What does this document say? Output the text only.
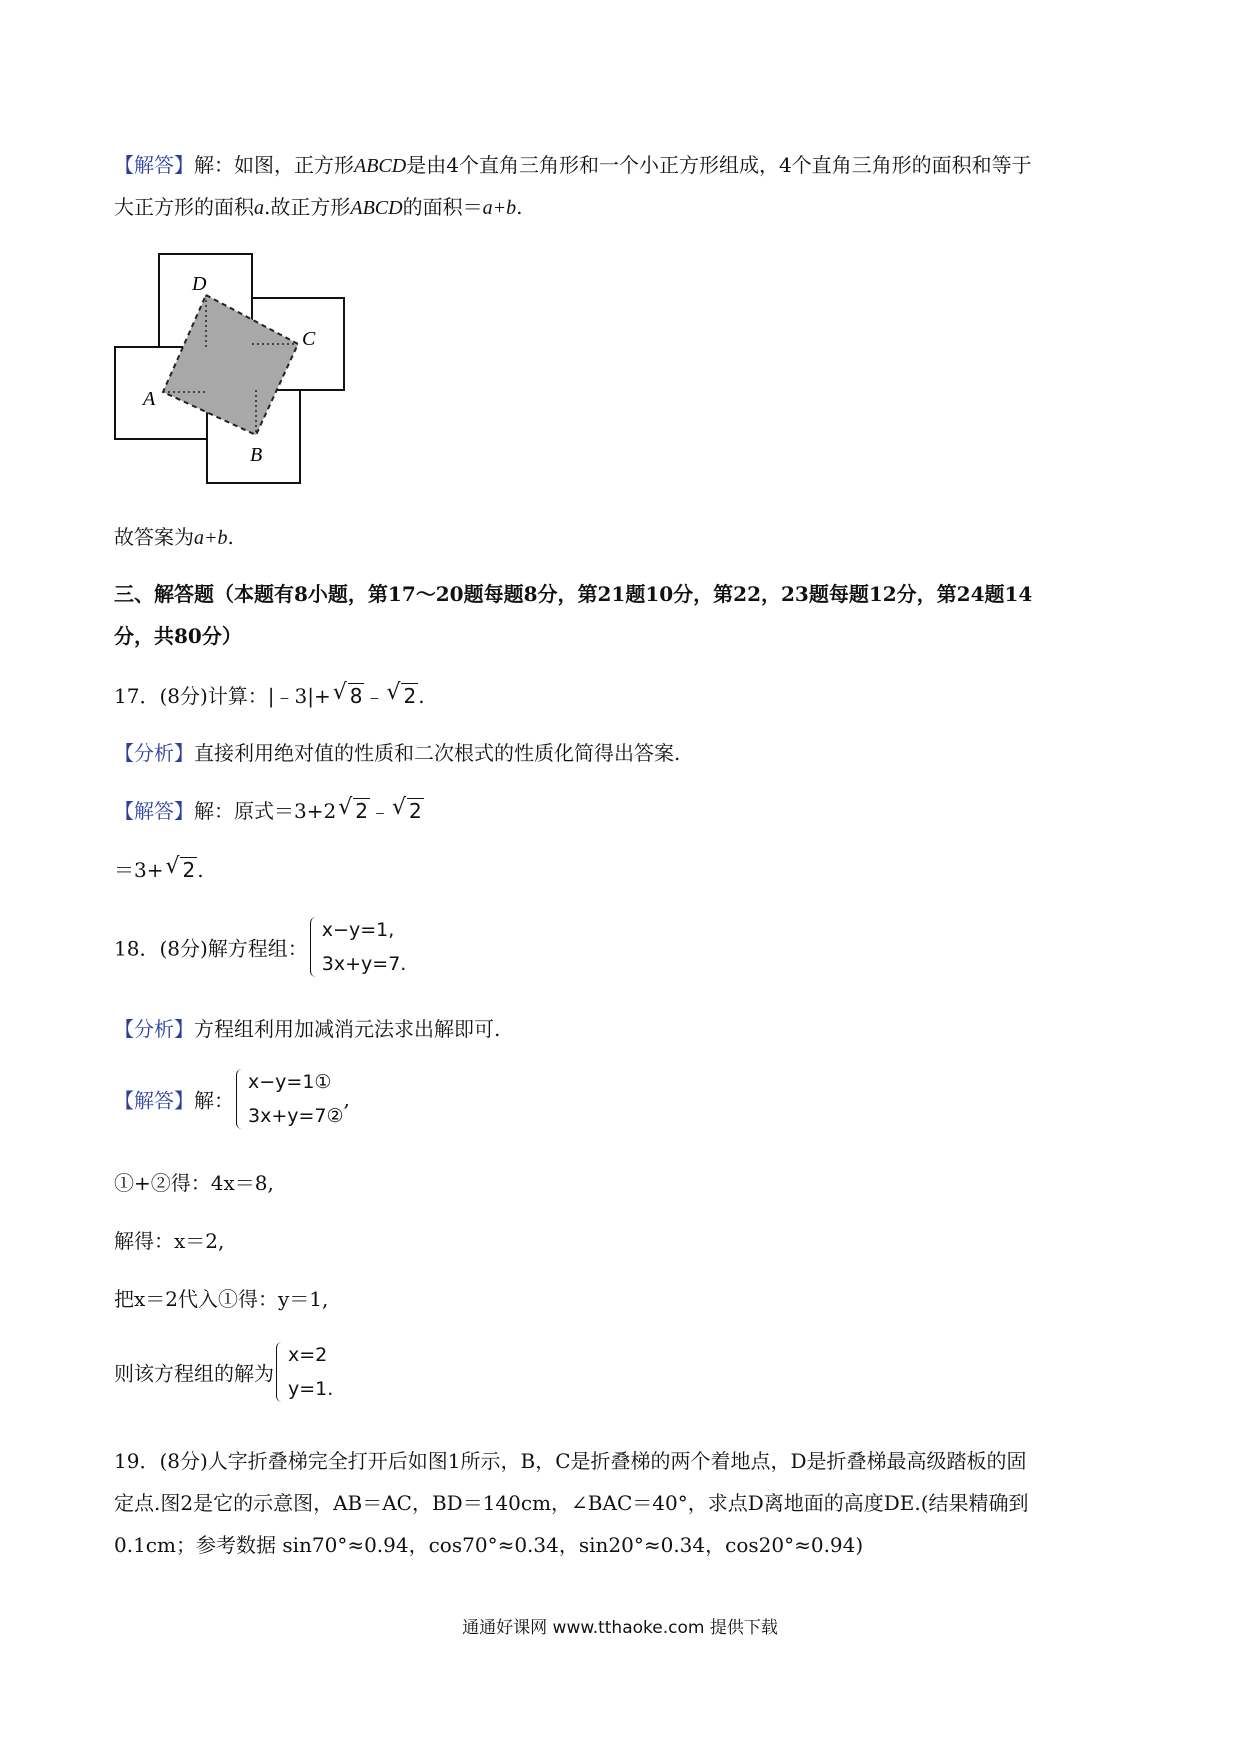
【解答】解：如图，正方形ABCD是由4个直角三角形和一个小正方形组成，4个直角三角形的面积和等于
大正方形的面积a.故正方形ABCD的面积＝a+b.
D
C
A
B
故答案为a+b.
三、解答题（本题有8小题，第17～20题每题8分，第21题10分，第22，23题每题12分，第24题14
分，共80分）
17．(8分)计算：|﹣3|+ √ 8 ﹣ √ 2 .
【分析】直接利用绝对值的性质和二次根式的性质化简得出答案.
【解答】解：原式＝3+2 √ 2 ﹣ √ 2
＝3+ √ 2 .
18．(8分)解方程组：
x−y=1,
3x+y=7.
【分析】方程组利用加减消元法求出解即可.
【解答】解：
x−y=1①
3x+y=7②
,
①+②得：4x＝8,
解得：x＝2,
把x＝2代入①得：y＝1,
则该方程组的解为
x=2
y=1.
19．(8分)人字折叠梯完全打开后如图1所示，B，C是折叠梯的两个着地点，D是折叠梯最高级踏板的固
定点.图2是它的示意图，AB＝AC，BD＝140cm，∠BAC＝40°，求点D离地面的高度DE.(结果精确到
0.1cm；参考数据 sin70°≈0.94，cos70°≈0.34，sin20°≈0.34，cos20°≈0.94)
通通好课网 www.tthaoke.com 提供下载
